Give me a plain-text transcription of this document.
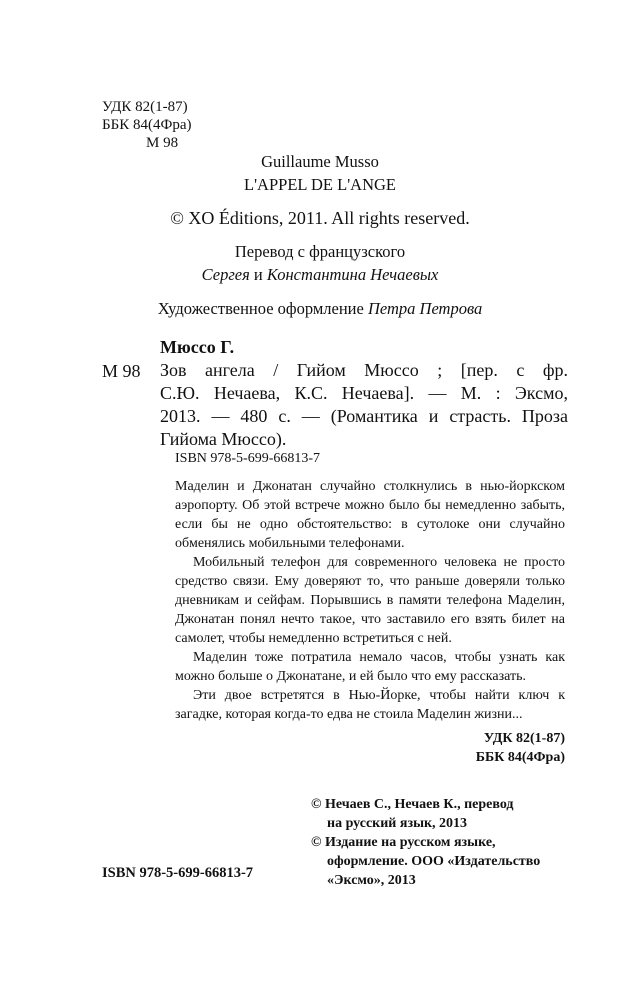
УДК 82(1-87)
ББК 84(4Фра)
М 98
Guillaume Musso
L'APPEL DE L'ANGE
© XO Éditions, 2011. All rights reserved.
Перевод с французского
Сергея и Константина Нечаевых
Художественное оформление Петра Петрова
Мюссо Г.
М 98 Зов ангела / Гийом Мюссо ; [пер. с фр.
С.Ю. Нечаева, К.С. Нечаева]. — М. : Эксмо,
2013. — 480 с. — (Романтика и страсть. Проза
Гийома Мюссо).
ISBN 978-5-699-66813-7

Маделин и Джонатан случайно столкнулись в нью-йоркском аэропорту. Об этой встрече можно было бы немедленно забыть, если бы не одно обстоятельство: в сутолоке они случайно обменялись мобильными телефонами.

Мобильный телефон для современного человека не просто средство связи. Ему доверяют то, что раньше доверяли только дневникам и сейфам. Порывшись в памяти телефона Маделин, Джонатан понял нечто такое, что заставило его взять билет на самолет, чтобы немедленно встретиться с ней.

Маделин тоже потратила немало часов, чтобы узнать как можно больше о Джонатане, и ей было что ему рассказать.

Эти двое встретятся в Нью-Йорке, чтобы найти ключ к загадке, которая когда-то едва не стоила Маделин жизни...

УДК 82(1-87)
ББК 84(4Фра)
ISBN 978-5-699-66813-7
© Нечаев С., Нечаев К., перевод
на русский язык, 2013
© Издание на русском языке,
оформление. ООО «Издательство
«Эксмо», 2013
